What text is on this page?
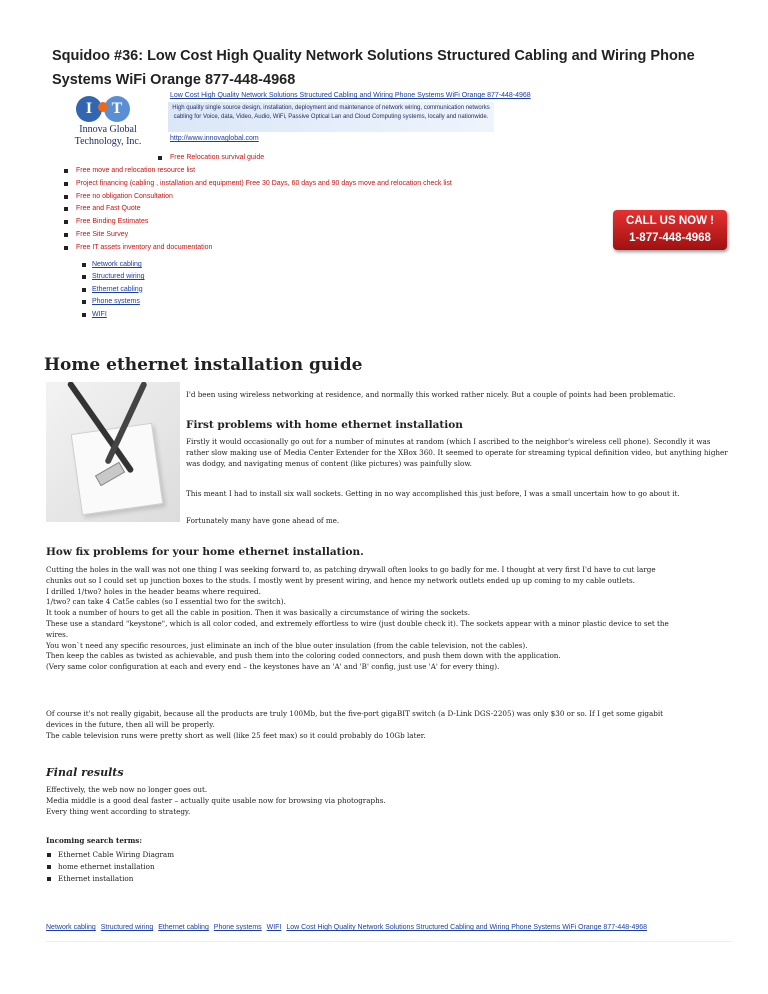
Squidoo #36: Low Cost High Quality Network Solutions Structured Cabling and Wiring Phone Systems WiFi Orange 877-448-4968
I	T
Innova Global
Technology, Inc.
Low Cost High Quality Network Solutions Structured Cabling and Wiring Phone Systems WiFi Orange 877-448-4968
High quality single source design, installation, deployment and maintenance of network wiring, communication networks cabling for Voice, data, Video, Audio, WiFi, Passive Optical Lan and Cloud Computing systems, locally and nationwide.
http://www.innovaglobal.com
Free Relocation survival guide
Free move and relocation resource list
Project financing (cabling , installation and equipment) Free 30 Days, 60 days and 90 days move and relocation check list
Free no obligation Consultation
Free and Fast Quote
Free Binding Estimates
Free Site Survey
Free IT assets inventory and documentation
Network cabling
Structured wiring
Ethernet cabling
Phone systems
WIFI
CALL US NOW !
1-877-448-4968
Home ethernet installation guide
I'd been using wireless networking at residence, and normally this worked rather nicely. But a couple of points had been problematic.
First problems with home ethernet installation
Firstly it would occasionally go out for a number of minutes at random (which I ascribed to the neighbor's wireless cell phone). Secondly it was rather slow making use of Media Center Extender for the XBox 360. It seemed to operate for streaming typical definition video, but anything higher was dodgy, and navigating menus of content (like pictures) was painfully slow.
This meant I had to install six wall sockets. Getting in no way accomplished this just before, I was a small uncertain how to go about it.
Fortunately many have gone ahead of me.
How fix problems for your home ethernet installation.
Cutting the holes in the wall was not one thing I was seeking forward to, as patching drywall often looks to go badly for me. I thought at very first I'd have to cut large
chunks out so I could set up junction boxes to the studs. I mostly went by present wiring, and hence my network outlets ended up up coming to my cable outlets.
I drilled 1/two? holes in the header beams where required.
1/two? can take 4 Cat5e cables (so I essential two for the switch).
It took a number of hours to get all the cable in position. Then it was basically a circumstance of wiring the sockets.
These use a standard "keystone", which is all color coded, and extremely effortless to wire (just double check it). The sockets appear with a minor plastic device to set the
wires.
You won`t need any specific resources, just eliminate an inch of the blue outer insulation (from the cable television, not the cables).
Then keep the cables as twisted as achievable, and push them into the coloring coded connectors, and push them down with the application.
(Very same color configuration at each and every end – the keystones have an 'A' and 'B' config, just use 'A' for every thing).
Of course it's not really gigabit, because all the products are truly 100Mb, but the five-port gigaBIT switch (a D-Link DGS-2205) was only $30 or so. If I get some gigabit
devices in the future, then all will be properly.
The cable television runs were pretty short as well (like 25 feet max) so it could probably do 10Gb later.
Final results
Effectively, the web now no longer goes out.
Media middle is a good deal faster – actually quite usable now for browsing via photographs.
Every thing went according to strategy.
Incoming search terms:
Ethernet Cable Wiring Diagram
home ethernet installation
Ethernet installation
Network cabling Structured wiring Ethernet cabling Phone systems WIFI Low Cost High Quality Network Solutions Structured Cabling and Wiring Phone Systems WiFi Orange 877-448-4968
